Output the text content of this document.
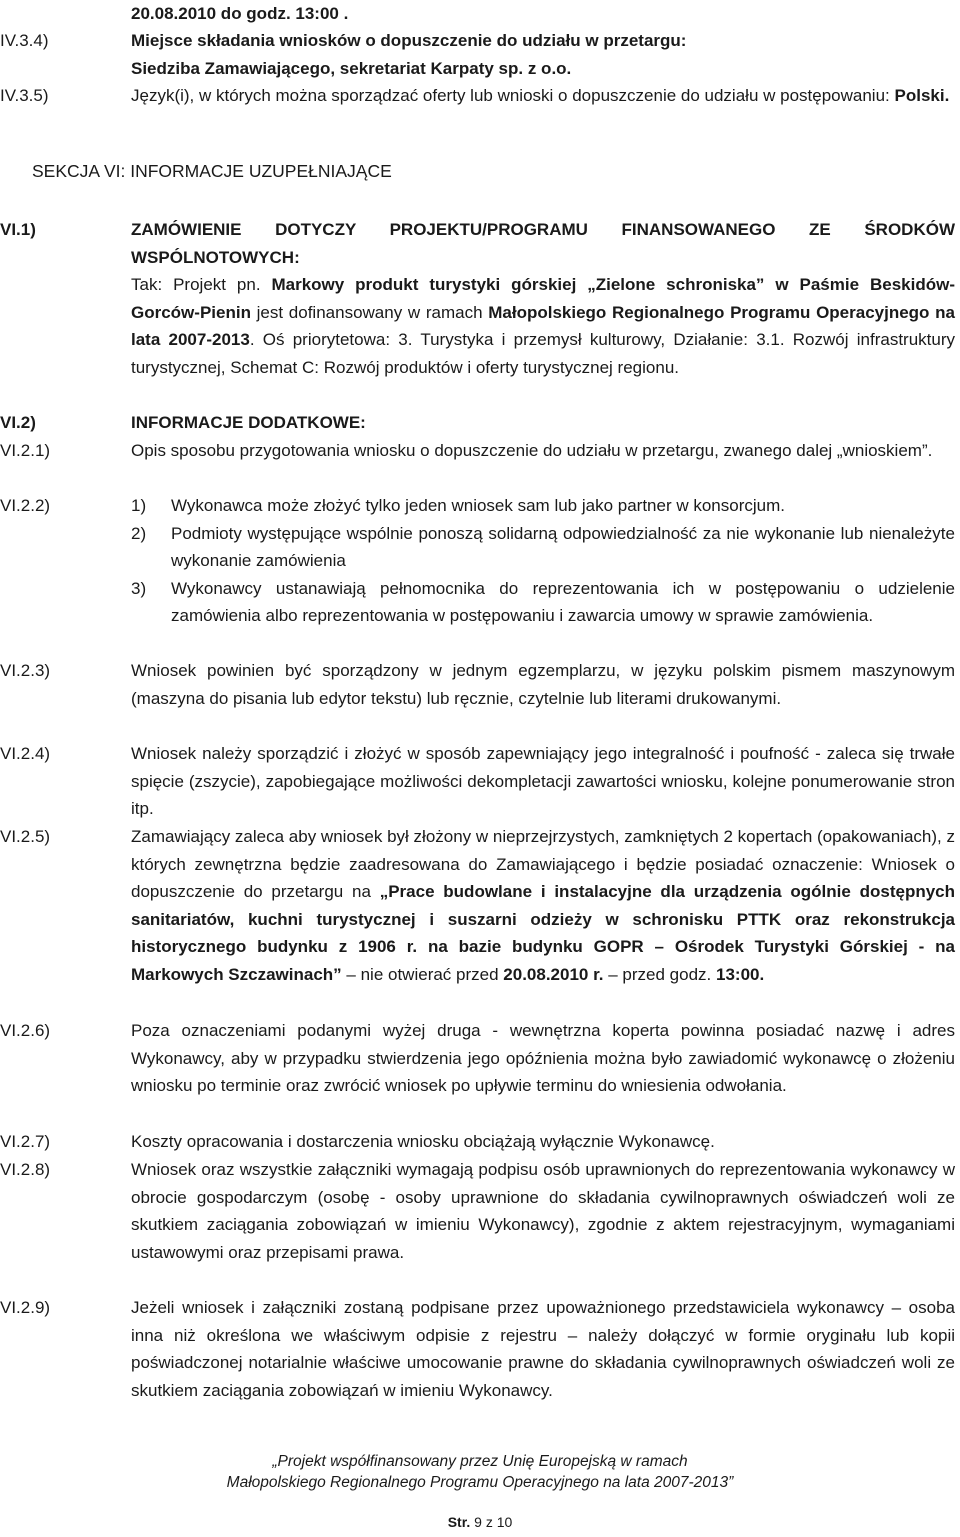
20.08.2010 do godz. 13:00 .
IV.3.4)	Miejsce składania wniosków o dopuszczenie do udziału w przetargu:

Siedziba Zamawiającego, sekretariat Karpaty sp. z o.o.

IV.3.5)	Język(i), w których można sporządzać oferty lub wnioski o dopuszczenie do udziału w postępowaniu: Polski.

SEKCJA VI: INFORMACJE UZUPEŁNIAJĄCE
VI.1)	ZAMÓWIENIE DOTYCZY PROJEKTU/PROGRAMU FINANSOWANEGO ZE ŚRODKÓW WSPÓLNOTOWYCH:

Tak: Projekt pn. Markowy produkt turystyki górskiej „Zielone schroniska” w Paśmie Beskidów-Gorców-Pienin jest dofinansowany w ramach Małopolskiego Regionalnego Programu Operacyjnego na lata 2007-2013. Oś priorytetowa: 3. Turystyka i przemysł kulturowy, Działanie: 3.1. Rozwój infrastruktury turystycznej, Schemat C: Rozwój produktów i oferty turystycznej regionu.

VI.2)	INFORMACJE DODATKOWE:
VI.2.1)	Opis sposobu przygotowania wniosku o dopuszczenie do udziału w przetargu, zwanego dalej „wnioskiem”.

VI.2.2)	1) Wykonawca może złożyć tylko jeden wniosek sam lub jako partner w konsorcjum.

2) Podmioty występujące wspólnie ponoszą solidarną odpowiedzialność za nie wykonanie lub nienależyte wykonanie zamówienia

3) Wykonawcy ustanawiają pełnomocnika do reprezentowania ich w postępowaniu o udzielenie zamówienia albo reprezentowania w postępowaniu i zawarcia umowy w sprawie zamówienia.

VI.2.3)	Wniosek powinien być sporządzony w jednym egzemplarzu, w języku polskim pismem maszynowym (maszyna do pisania lub edytor tekstu) lub ręcznie, czytelnie lub literami drukowanymi.

VI.2.4)	Wniosek należy sporządzić i złożyć w sposób zapewniający jego integralność i poufność - zaleca się trwałe spięcie (zszycie), zapobiegające możliwości dekompletacji zawartości wniosku, kolejne ponumerowanie stron itp.

VI.2.5)	Zamawiający zaleca aby wniosek był złożony w nieprzejrzystych, zamkniętych 2 kopertach (opakowaniach), z których zewnętrzna będzie zaadresowana do Zamawiającego i będzie posiadać oznaczenie: Wniosek o dopuszczenie do przetargu na „Prace budowlane i instalacyjne dla urządzenia ogólnie dostępnych sanitariatów, kuchni turystycznej i suszarni odzieży w schronisku PTTK oraz rekonstrukcja historycznego budynku z 1906 r. na bazie budynku GOPR – Ośrodek Turystyki Górskiej - na Markowych Szczawinach” – nie otwierać przed 20.08.2010 r. – przed godz. 13:00.

VI.2.6)	Poza oznaczeniami podanymi wyżej druga - wewnętrzna koperta powinna posiadać nazwę i adres Wykonawcy, aby w przypadku stwierdzenia jego opóźnienia można było zawiadomić wykonawcę o złożeniu wniosku po terminie oraz zwrócić wniosek po upływie terminu do wniesienia odwołania.

VI.2.7)	Koszty opracowania i dostarczenia wniosku obciążają wyłącznie Wykonawcę.

VI.2.8)	Wniosek oraz wszystkie załączniki wymagają podpisu osób uprawnionych do reprezentowania wykonawcy w obrocie gospodarczym (osobę - osoby uprawnione do składania cywilnoprawnych oświadczeń woli ze skutkiem zaciągania zobowiązań w imieniu Wykonawcy), zgodnie z aktem rejestracyjnym, wymaganiami ustawowymi oraz przepisami prawa.

VI.2.9)	Jeżeli wniosek i załączniki zostaną podpisane przez upoważnionego przedstawiciela wykonawcy – osoba inna niż określona we właściwym odpisie z rejestru – należy dołączyć w formie oryginału lub kopii poświadczonej notarialnie właściwe umocowanie prawne do składania cywilnoprawnych oświadczeń woli ze skutkiem zaciągania zobowiązań w imieniu Wykonawcy.

„Projekt współfinansowany przez Unię Europejską w ramach
Małopolskiego Regionalnego Programu Operacyjnego na lata 2007-2013”
Str. 9 z 10
